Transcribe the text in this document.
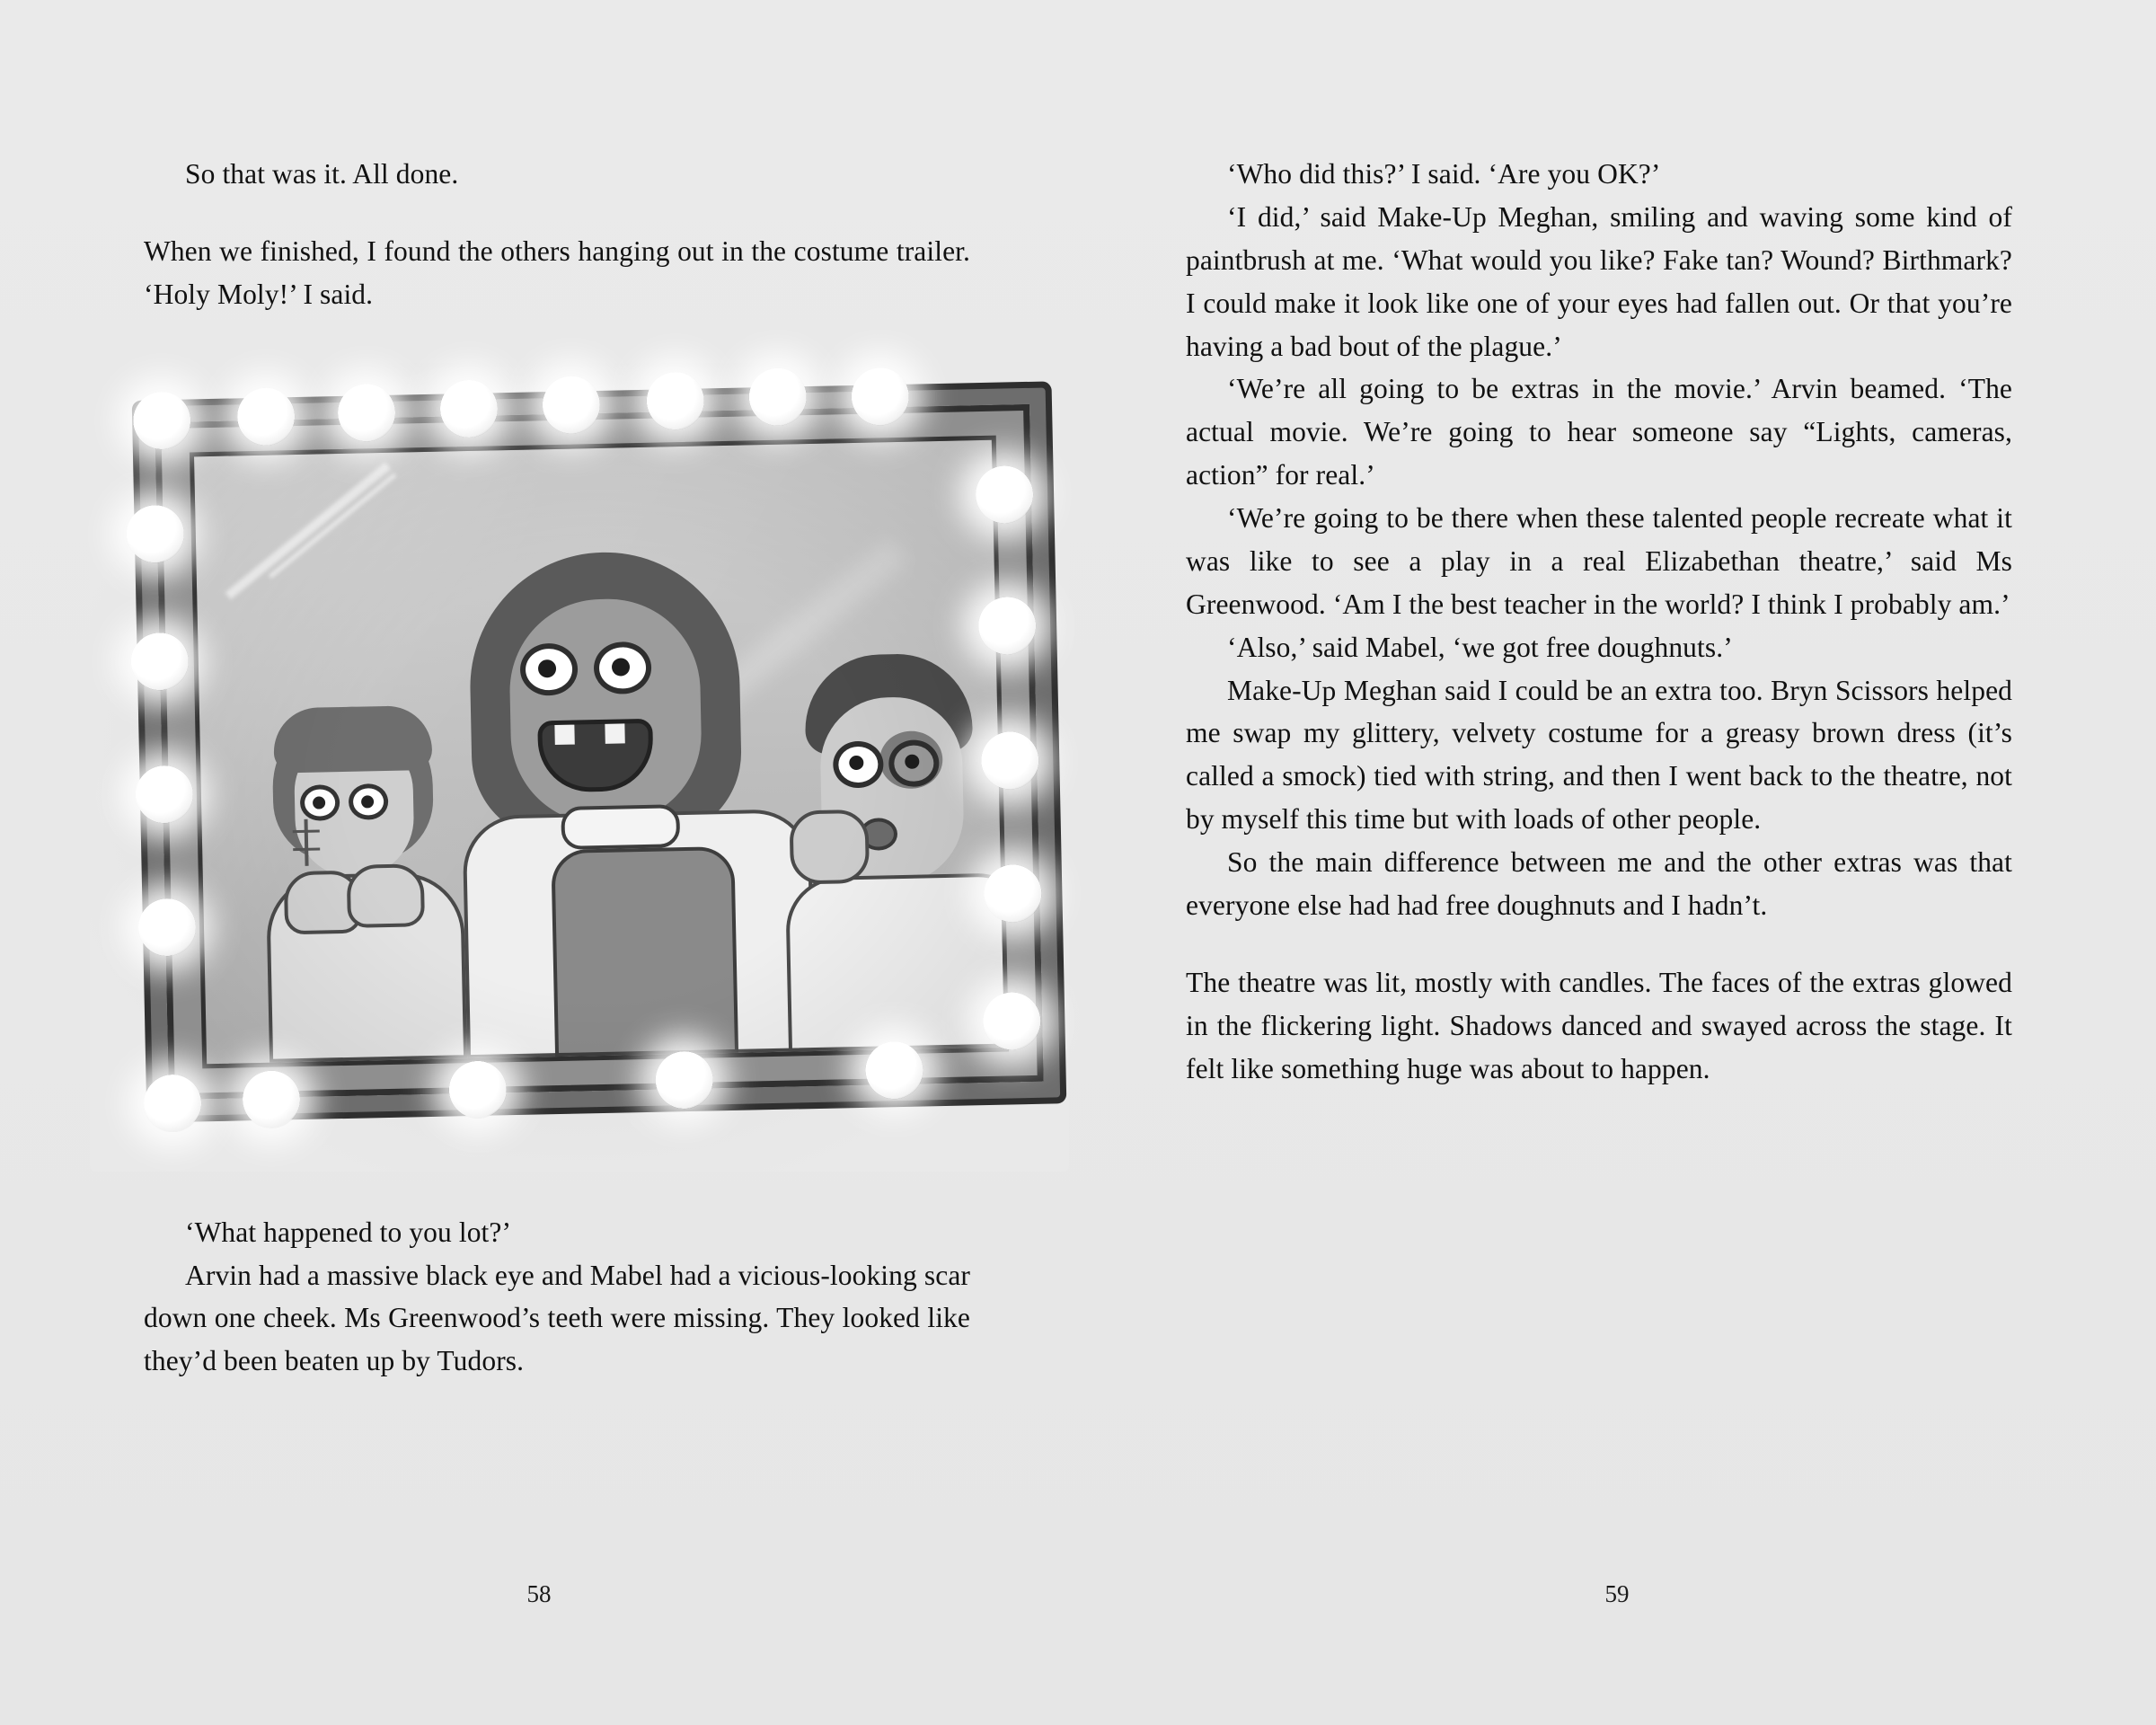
So that was it. All done.

When we finished, I found the others hanging out in the costume trailer. ‘Holy Moly!’ I said.

‘What happened to you lot?’

Arvin had a massive black eye and Mabel had a vicious-looking scar down one cheek. Ms Greenwood’s teeth were missing. They looked like they’d been beaten up by Tudors.

58

‘Who did this?’ I said. ‘Are you OK?’

‘I did,’ said Make-Up Meghan, smiling and waving some kind of paintbrush at me. ‘What would you like? Fake tan? Wound? Birthmark? I could make it look like one of your eyes had fallen out. Or that you’re having a bad bout of the plague.’

‘We’re all going to be extras in the movie.’ Arvin beamed. ‘The actual movie. We’re going to hear someone say “Lights, cameras, action” for real.’

‘We’re going to be there when these talented people recreate what it was like to see a play in a real Elizabethan theatre,’ said Ms Greenwood. ‘Am I the best teacher in the world? I think I probably am.’

‘Also,’ said Mabel, ‘we got free doughnuts.’

Make-Up Meghan said I could be an extra too. Bryn Scissors helped me swap my glittery, velvety costume for a greasy brown dress (it’s called a smock) tied with string, and then I went back to the theatre, not by myself this time but with loads of other people.

So the main difference between me and the other extras was that everyone else had had free doughnuts and I hadn’t.

The theatre was lit, mostly with candles. The faces of the extras glowed in the flickering light. Shadows danced and swayed across the stage. It felt like something huge was about to happen.

59
